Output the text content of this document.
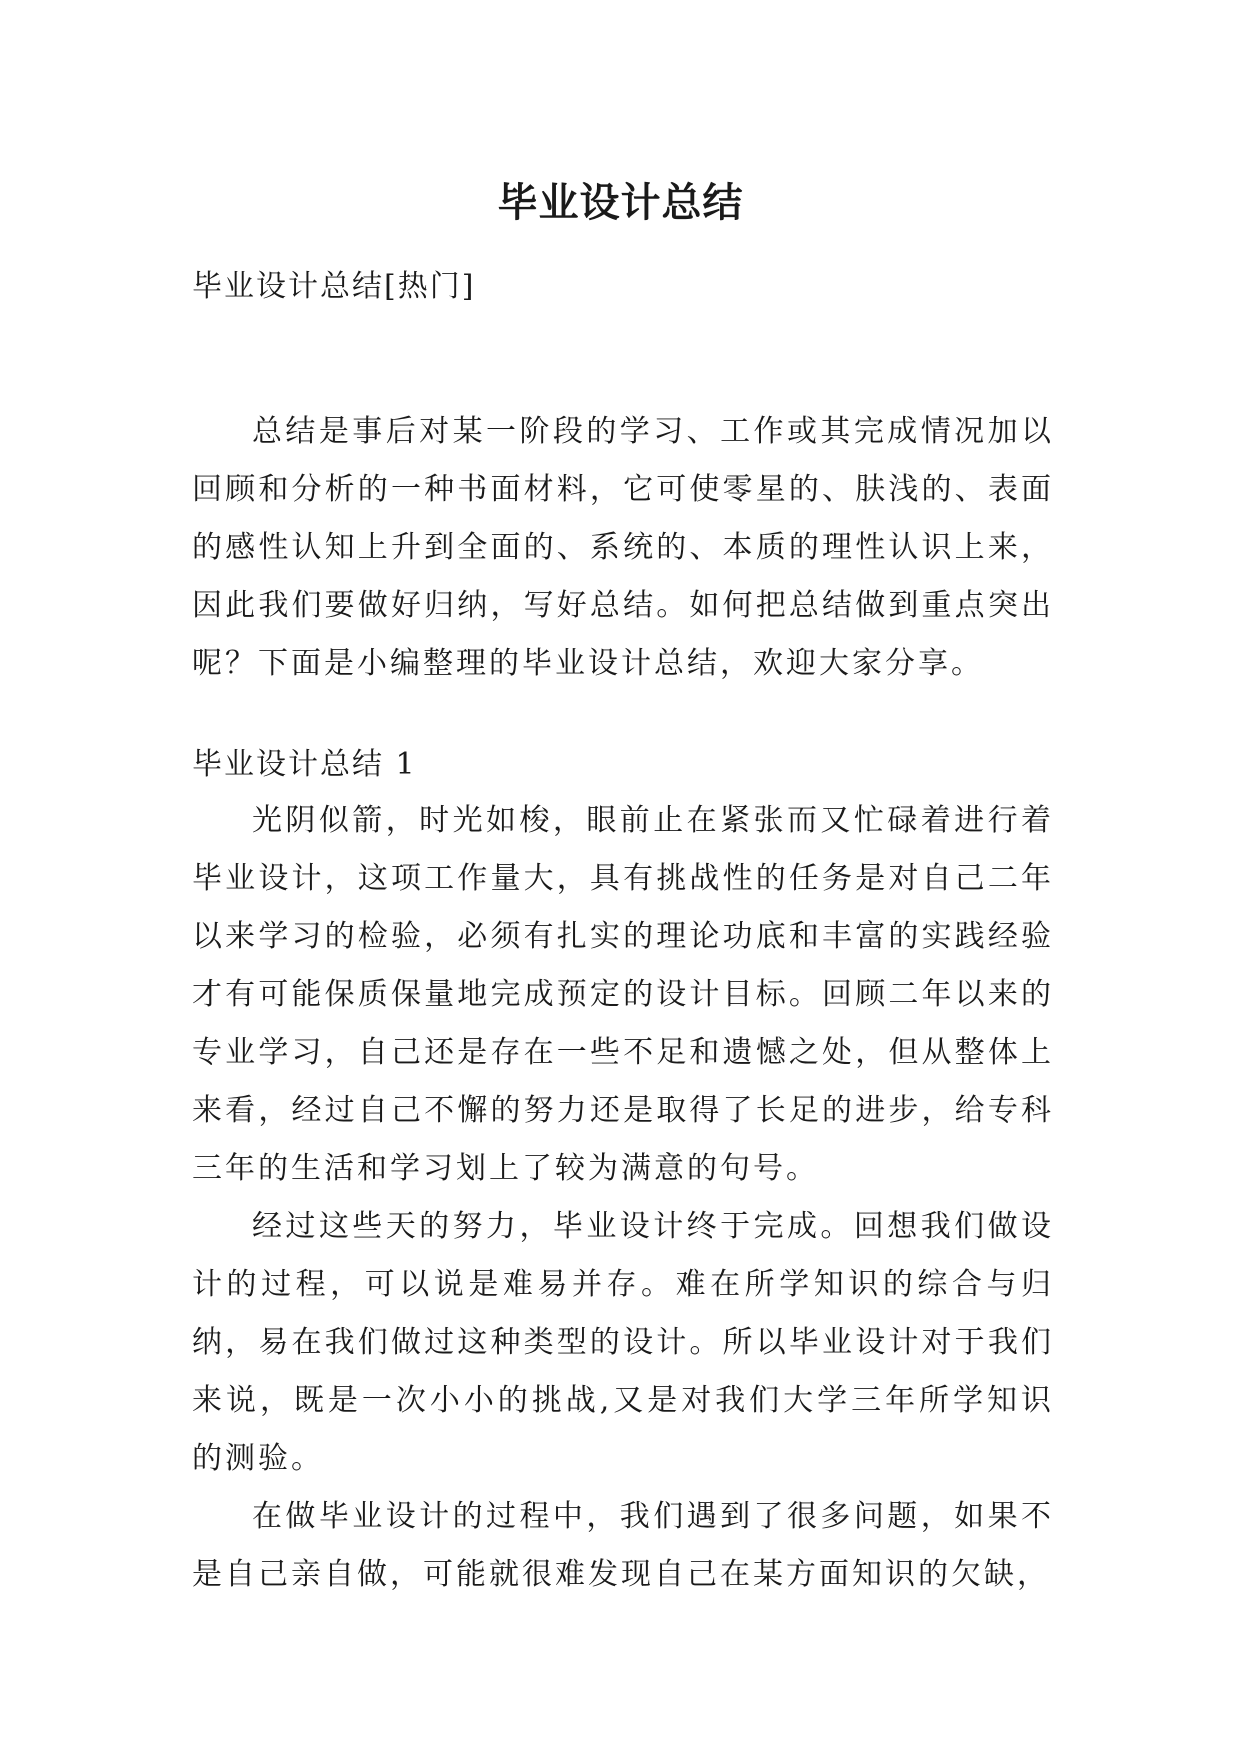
毕业设计总结
毕业设计总结[热门]

总结是事后对某一阶段的学习、工作或其完成情况加以回顾和分析的一种书面材料，它可使零星的、肤浅的、表面的感性认知上升到全面的、系统的、本质的理性认识上来，因此我们要做好归纳，写好总结。如何把总结做到重点突出呢？下面是小编整理的毕业设计总结，欢迎大家分享。

毕业设计总结 1

光阴似箭，时光如梭，眼前止在紧张而又忙碌着进行着毕业设计，这项工作量大，具有挑战性的任务是对自己二年以来学习的检验，必须有扎实的理论功底和丰富的实践经验才有可能保质保量地完成预定的设计目标。回顾二年以来的专业学习，自己还是存在一些不足和遗憾之处，但从整体上来看，经过自己不懈的努力还是取得了长足的进步，给专科三年的生活和学习划上了较为满意的句号。

经过这些天的努力，毕业设计终于完成。回想我们做设计的过程，可以说是难易并存。难在所学知识的综合与归纳，易在我们做过这种类型的设计。所以毕业设计对于我们来说，既是一次小小的挑战,又是对我们大学三年所学知识的测验。

在做毕业设计的过程中，我们遇到了很多问题，如果不是自己亲自做，可能就很难发现自己在某方面知识的欠缺，
